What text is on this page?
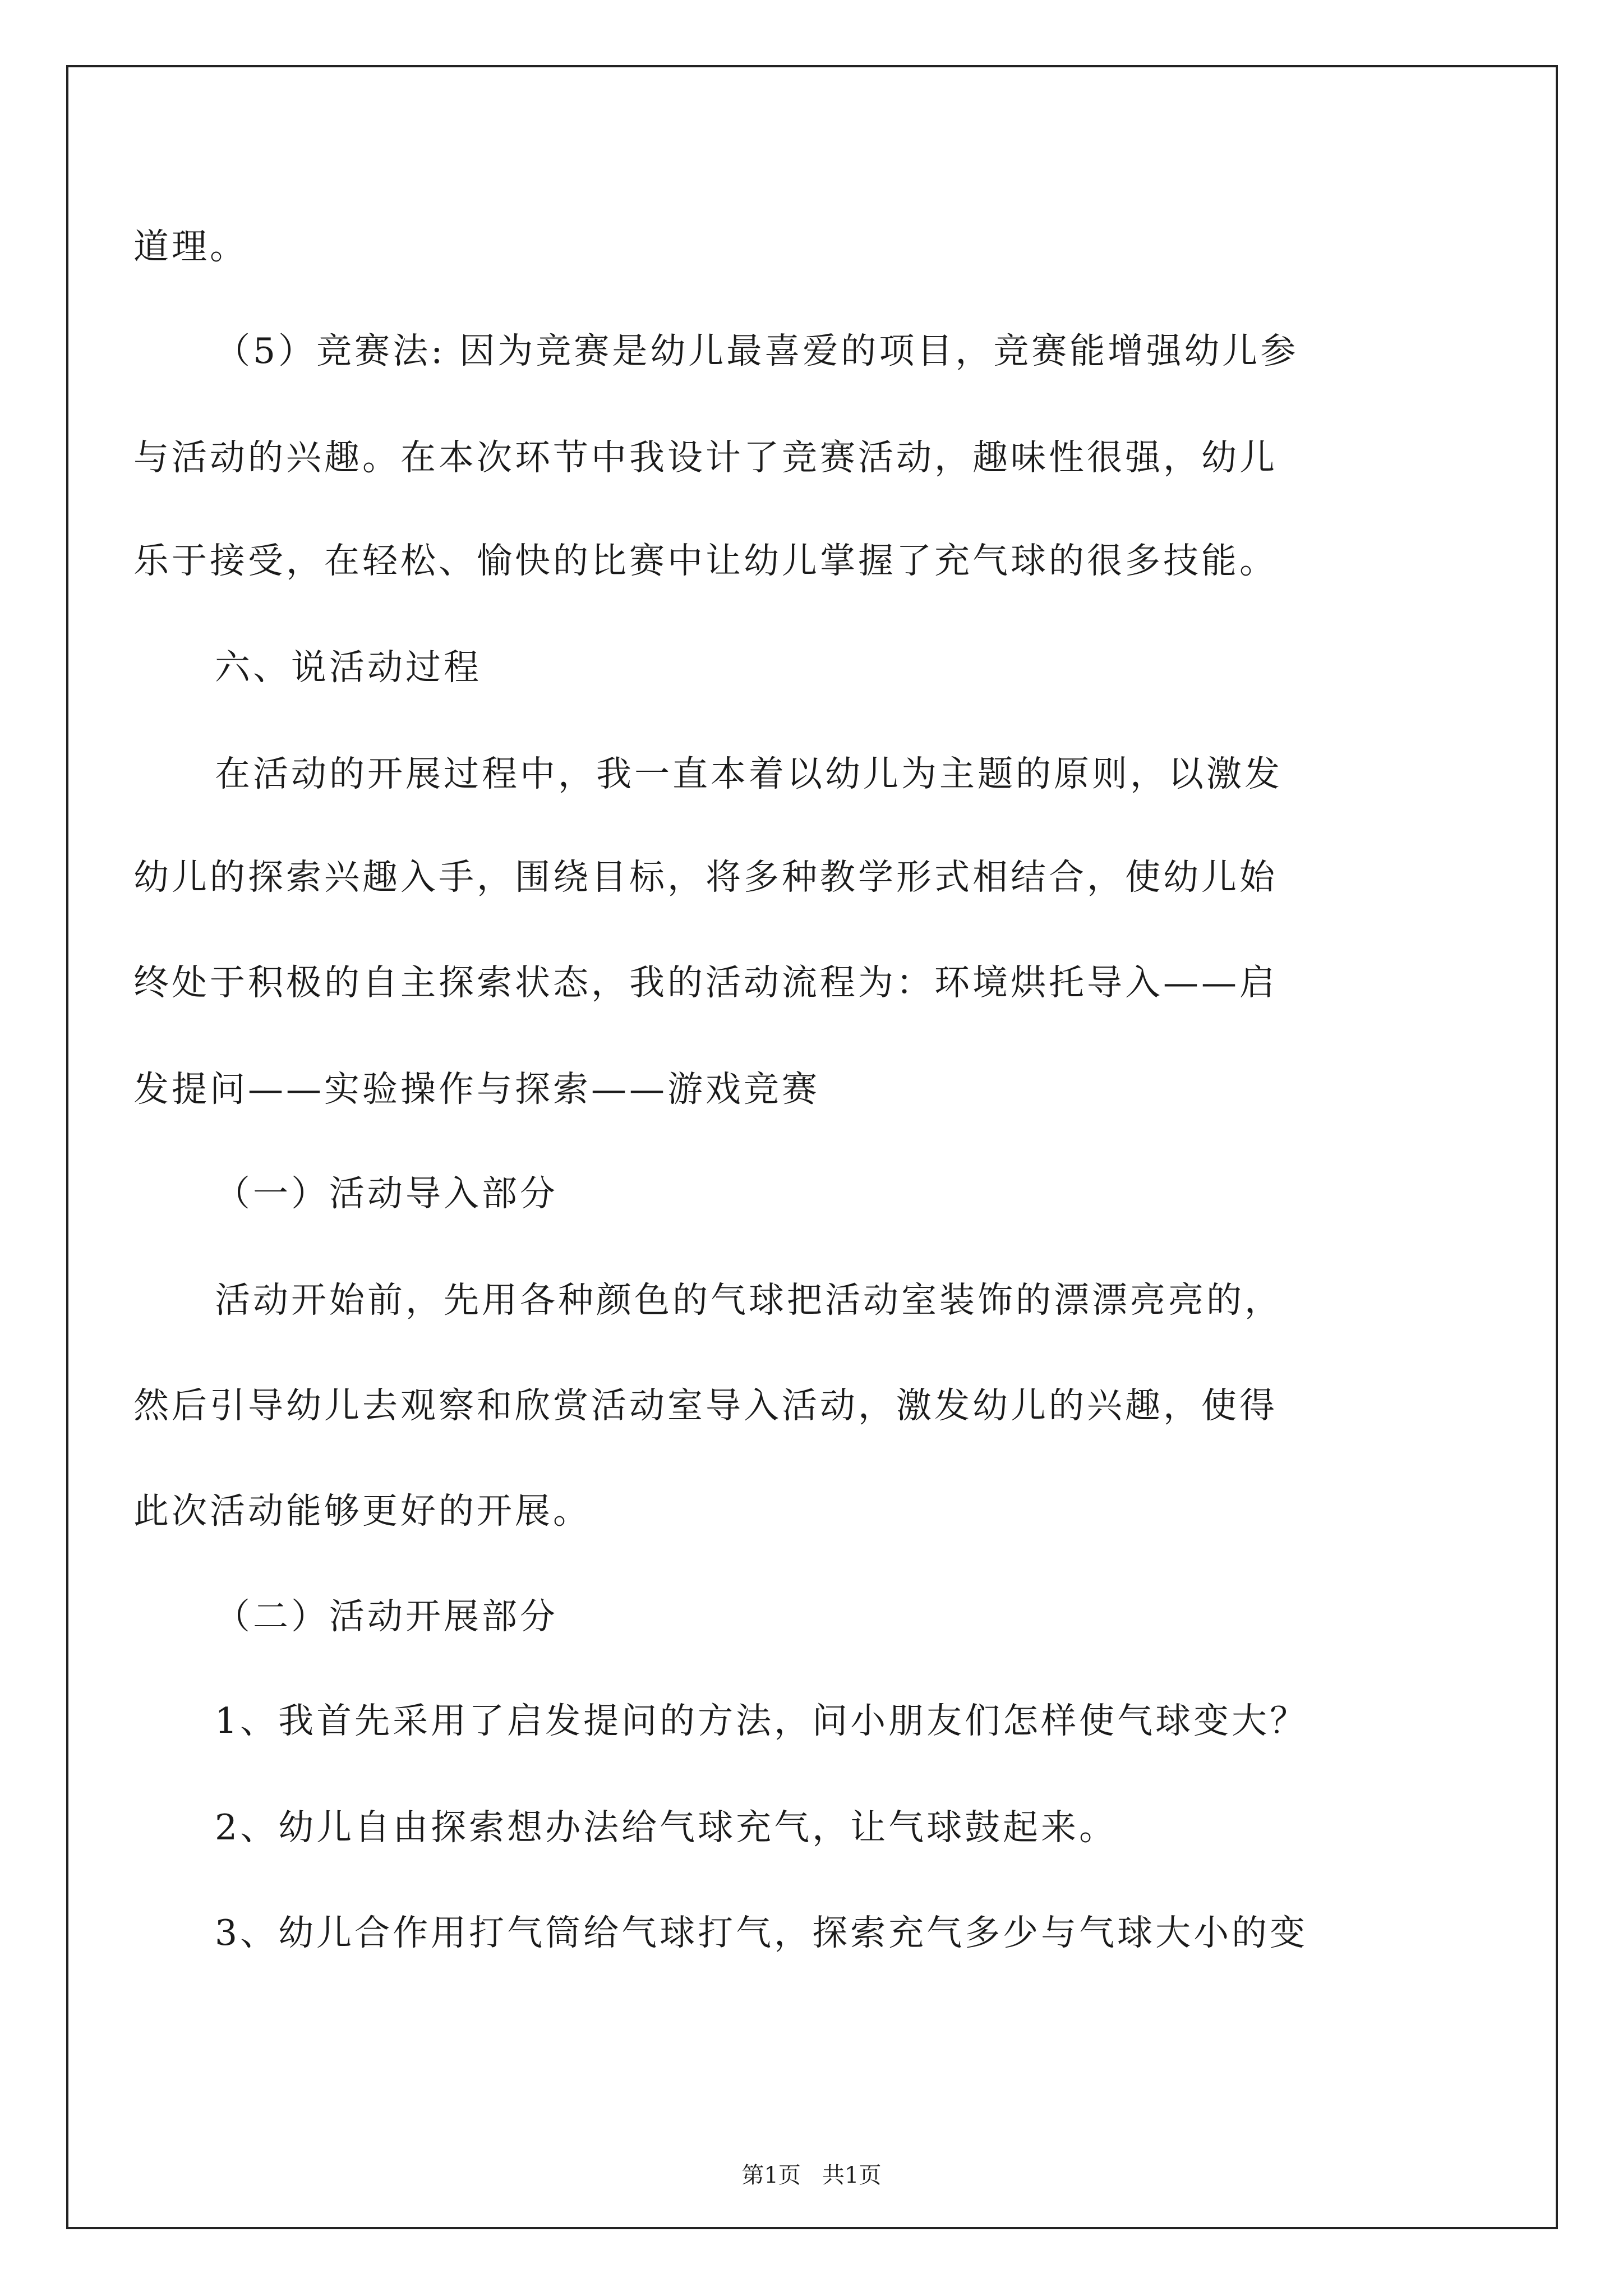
道理。
（5）竞赛法: 因为竞赛是幼儿最喜爱的项目，竞赛能增强幼儿参
与活动的兴趣。在本次环节中我设计了竞赛活动，趣味性很强，幼儿
乐于接受，在轻松、愉快的比赛中让幼儿掌握了充气球的很多技能。
六、说活动过程
在活动的开展过程中，我一直本着以幼儿为主题的原则，以激发
幼儿的探索兴趣入手，围绕目标，将多种教学形式相结合，使幼儿始
终处于积极的自主探索状态，我的活动流程为：环境烘托导入——启
发提问——实验操作与探索——游戏竞赛
（一）活动导入部分
活动开始前，先用各种颜色的气球把活动室装饰的漂漂亮亮的，
然后引导幼儿去观察和欣赏活动室导入活动，激发幼儿的兴趣，使得
此次活动能够更好的开展。
（二）活动开展部分
1、我首先采用了启发提问的方法，问小朋友们怎样使气球变大？
2、幼儿自由探索想办法给气球充气，让气球鼓起来。
3、幼儿合作用打气筒给气球打气，探索充气多少与气球大小的变
第1页   共1页
